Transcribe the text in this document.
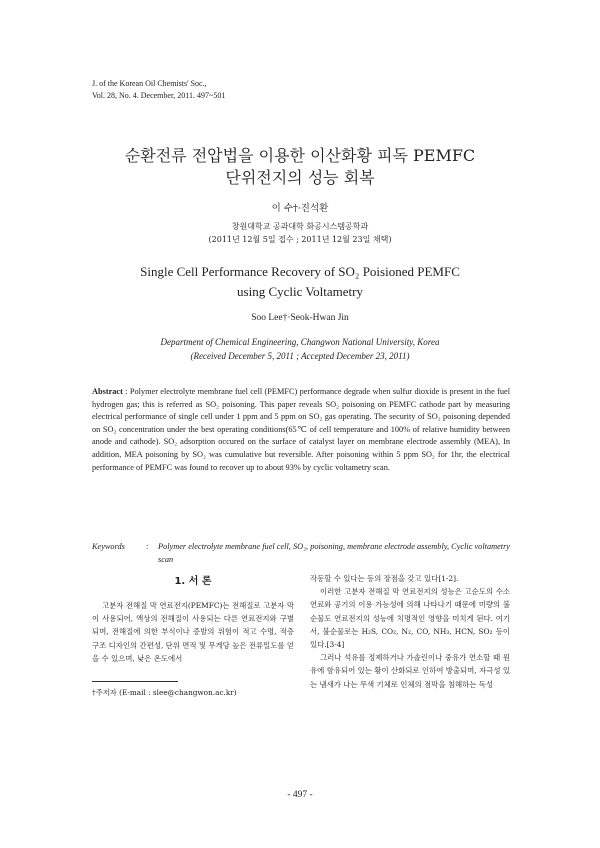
J. of the Korean Oil Chemists' Soc.,
Vol. 28, No. 4. December, 2011. 497~501
순환전류 전압법을 이용한 이산화황 피독 PEMFC
단위전지의 성능 회복
이 수†·진석환
창원대학교 공과대학 화공시스템공학과
(2011년 12월 5일 접수 ; 2011년 12월 23일 채택)
Single Cell Performance Recovery of SO₂ Poisioned PEMFC
using Cyclic Voltametry
Soo Lee†·Seok-Hwan Jin
Department of Chemical Engineering, Changwon National University, Korea
(Received December 5, 2011 ; Accepted December 23, 2011)
Abstract : Polymer electrolyte membrane fuel cell (PEMFC) performance degrade when sulfur dioxide is present in the fuel hydrogen gas; this is referred as SO₂ poisoning. This paper reveals SO₂ poisoning on PEMFC cathode part by measuring electrical performance of single cell under 1 ppm and 5 ppm on SO₂ gas operating. The security of SO₂ poisoning depended on SO₂ concentration under the best operating conditions(65℃ of cell temperature and 100% of relative humidity between anode and cathode). SO₂ adsorption occured on the surface of catalyst layer on membrane electrode assembly (MEA), In addition, MEA poisoning by SO₂ was cumulative but reversible. After poisoning within 5 ppm SO₂ for 1hr, the electrical performance of PEMFC was found to recover up to about 93% by cyclic voltametry scan.
Keywords	:	Polymer electrolyte membrane fuel cell, SO₂, poisoning, membrane electrode assembly, Cyclic voltametry scan
1. 서 론

고분자 전해질 막 연료전지(PEMFC)는 전해질로 고분자 막이 사용되어, 액상의 전해질이 사용되는 다른 연료전지와 구별되며, 전해질에 의한 부식이나 증발의 위험이 적고 수명, 적층 구조 디자인의 간편성, 단위 면적 및 무게당 높은 전류밀도를 얻을 수 있으며, 낮은 온도에서

작동할 수 있다는 등의 장점을 갖고 있다[1-2].

이러한 고분자 전해질 막 연료전지의 성능은 고순도의 수소연료와 공기의 이용 가능성에 의해 나타나기 때문에 미량의 불순물도 연료전지의 성능에 치명적인 영향을 미치게 된다. 여기서, 불순물로는 H₂S, CO₂, N₂, CO, NH₃, HCN, SO₂ 등이 있다.[3-4]

그러나 석유를 정제하거나 가솔린이나 중유가 연소할 때 원유에 함유되어 있는 황이 산화되로 인하여 방출되며, 자극성 있는 냄새가 나는 무색 기체로 인체의 점막을 침해하는 독성

†주저자 (E-mail : slee@changwon.ac.kr)
- 497 -
